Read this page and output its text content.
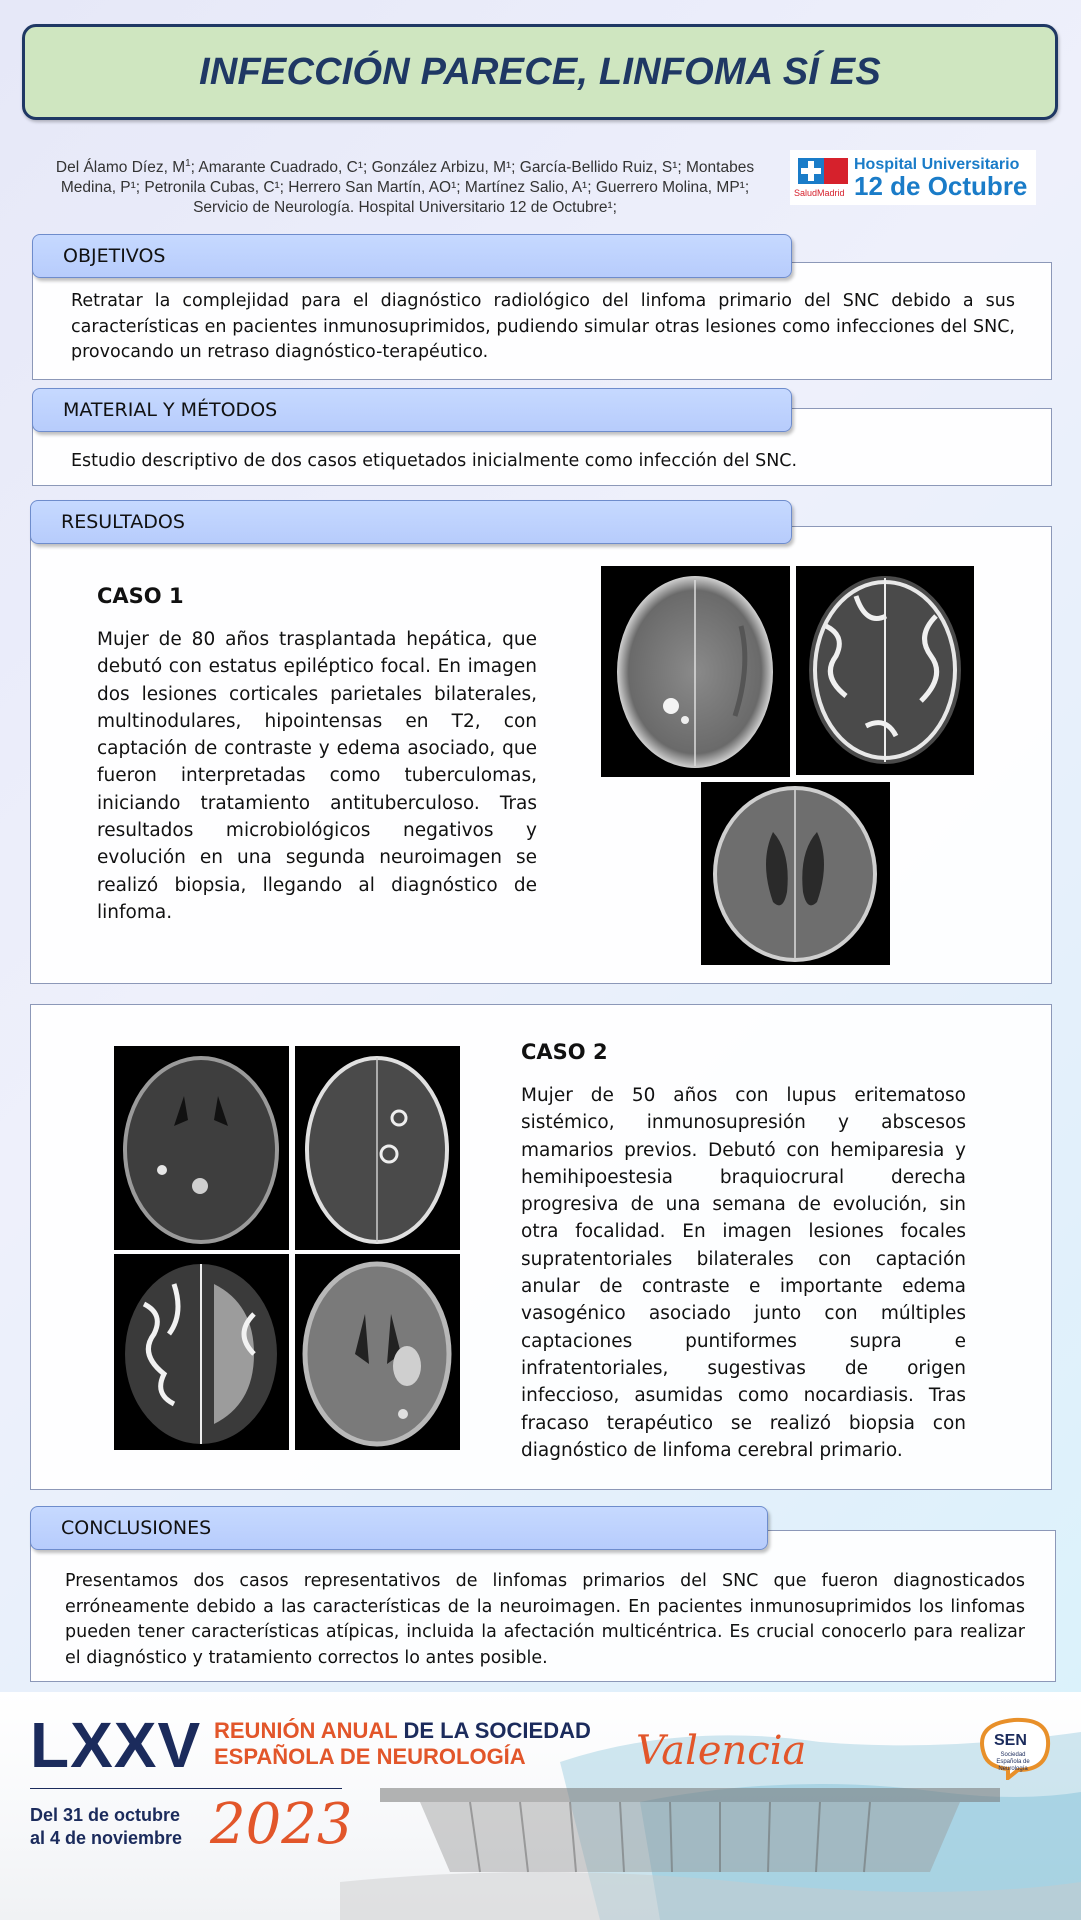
INFECCIÓN PARECE, LINFOMA SÍ ES
Del Álamo Díez, $M^1$; Amarante Cuadrado, C¹; González Arbizu, M¹; García-Bellido Ruiz, S¹; Montabes Medina, P¹; Petronila Cubas, C¹; Herrero San Martín, AO¹; Martínez Salio, A¹; Guerrero Molina, MP¹;
Servicio de Neurología. Hospital Universitario 12 de Octubre¹;
SaludMadrid
Hospital Universitario
12 de Octubre
OBJETIVOS
Retratar la complejidad para el diagnóstico radiológico del linfoma primario del SNC debido a sus características en pacientes inmunosuprimidos, pudiendo simular otras lesiones como infecciones del SNC, provocando un retraso diagnóstico-terapéutico.
MATERIAL Y MÉTODOS
Estudio descriptivo de dos casos etiquetados inicialmente como infección del SNC.
RESULTADOS
CASO 1
Mujer de 80 años trasplantada hepática, que debutó con estatus epiléptico focal. En imagen dos lesiones corticales parietales bilaterales, multinodulares, hipointensas en T2, con captación de contraste y edema asociado, que fueron interpretadas como tuberculomas, iniciando tratamiento antituberculoso. Tras resultados microbiológicos negativos y evolución en una segunda neuroimagen se realizó biopsia, llegando al diagnóstico de linfoma.
CASO 2
Mujer de 50 años con lupus eritematoso sistémico, inmunosupresión y abscesos mamarios previos. Debutó con hemiparesia y hemihipoestesia braquiocrural derecha progresiva de una semana de evolución, sin otra focalidad. En imagen lesiones focales supratentoriales bilaterales con captación anular de contraste e importante edema vasogénico asociado junto con múltiples captaciones puntiformes supra e infratentoriales, sugestivas de origen infeccioso, asumidas como nocardiasis. Tras fracaso terapéutico se realizó biopsia con diagnóstico de linfoma cerebral primario.
CONCLUSIONES
Presentamos dos casos representativos de linfomas primarios del SNC que fueron diagnosticados erróneamente debido a las características de la neuroimagen. En pacientes inmunosuprimidos los linfomas pueden tener características atípicas, incluida la afectación multicéntrica. Es crucial conocerlo para realizar el diagnóstico y tratamiento correctos lo antes posible.
LXXV REUNIÓN ANUAL DE LA SOCIEDAD
ESPAÑOLA DE NEUROLOGÍA
Del 31 de octubre
al 4 de noviembre 2023
Valencia	SEN
Sociedad Española de Neurología
